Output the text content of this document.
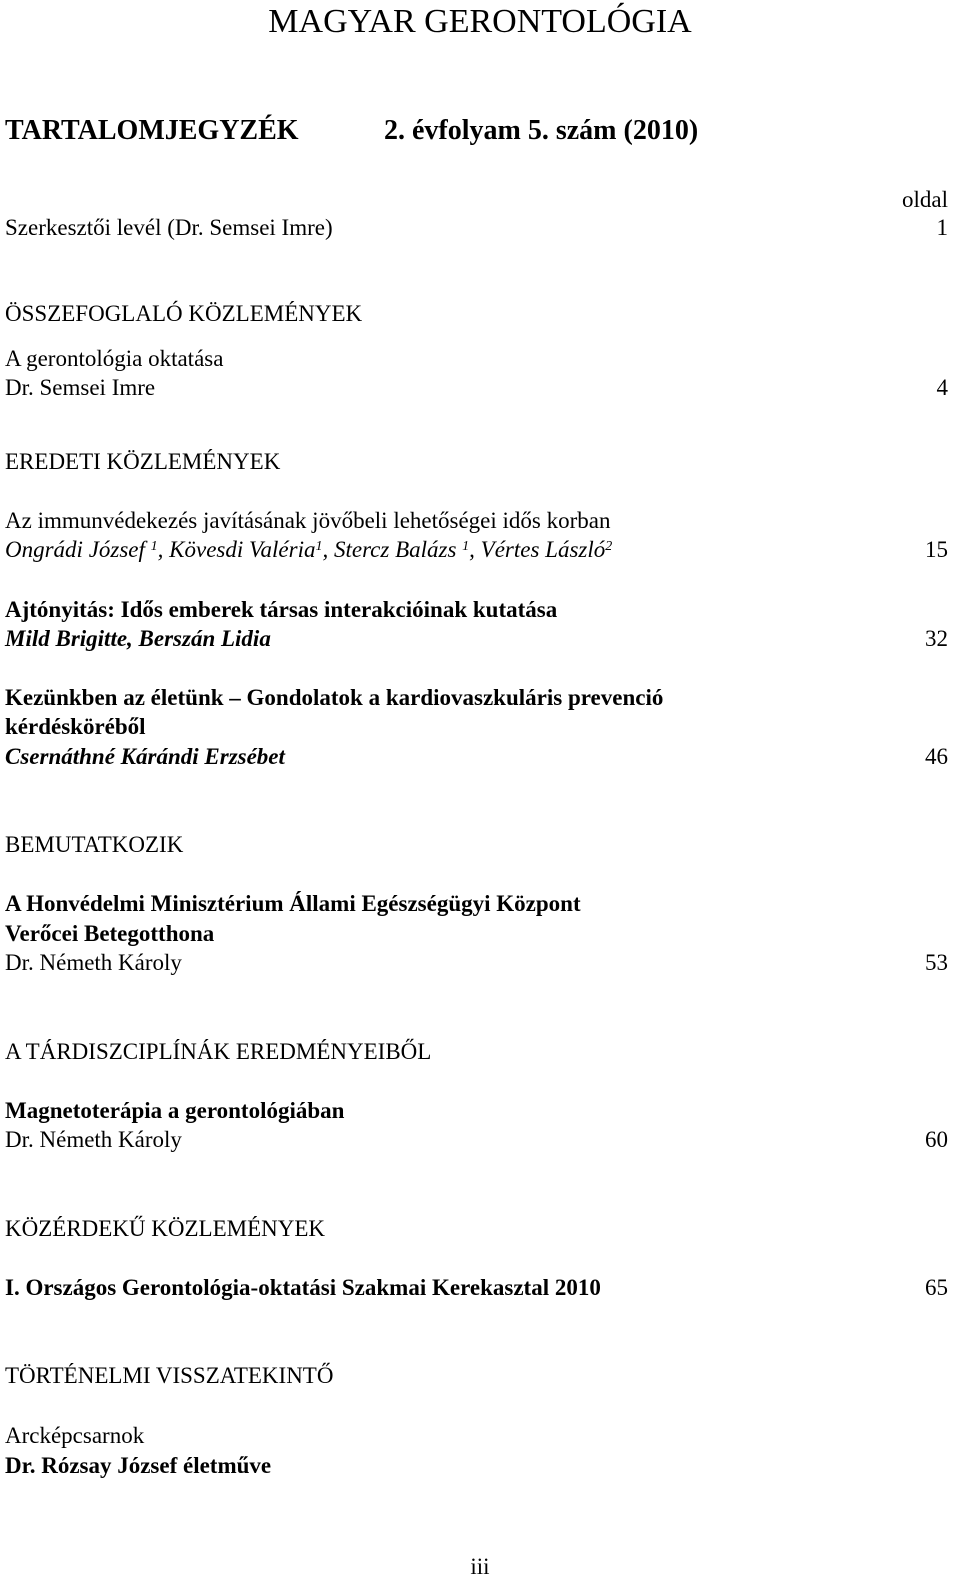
MAGYAR GERONTOLÓGIA
TARTALOMJEGYZÉK	2. évfolyam 5. szám (2010)
oldal
Szerkesztői levél (Dr. Semsei Imre)	1
ÖSSZEFOGLALÓ KÖZLEMÉNYEK
A gerontológia oktatása
Dr. Semsei Imre	4
EREDETI KÖZLEMÉNYEK
Az immunvédekezés javításának jövőbeli lehetőségei idős korban
Ongrádi József $^1$, Kövesdi Valéria$^1$, Stercz Balázs $^1$, Vértes László$^2$	15
Ajtónyitás: Idős emberek társas interakcióinak kutatása
Mild Brigitte, Berszán Lidia	32
Kezünkben az életünk – Gondolatok a kardiovaszkuláris prevenció
kérdésköréből
Csernáthné Kárándi Erzsébet	46
BEMUTATKOZIK
A Honvédelmi Minisztérium Állami Egészségügyi Központ
Verőcei Betegotthona
Dr. Németh Károly	53
A TÁRDISZCIPLÍNÁK EREDMÉNYEIBŐL
Magnetoterápia a gerontológiában
Dr. Németh Károly	60
KÖZÉRDEKŰ KÖZLEMÉNYEK
I. Országos Gerontológia-oktatási Szakmai Kerekasztal 2010	65
TÖRTÉNELMI VISSZATEKINTŐ
Arcképcsarnok
Dr. Rózsay József életműve
iii
